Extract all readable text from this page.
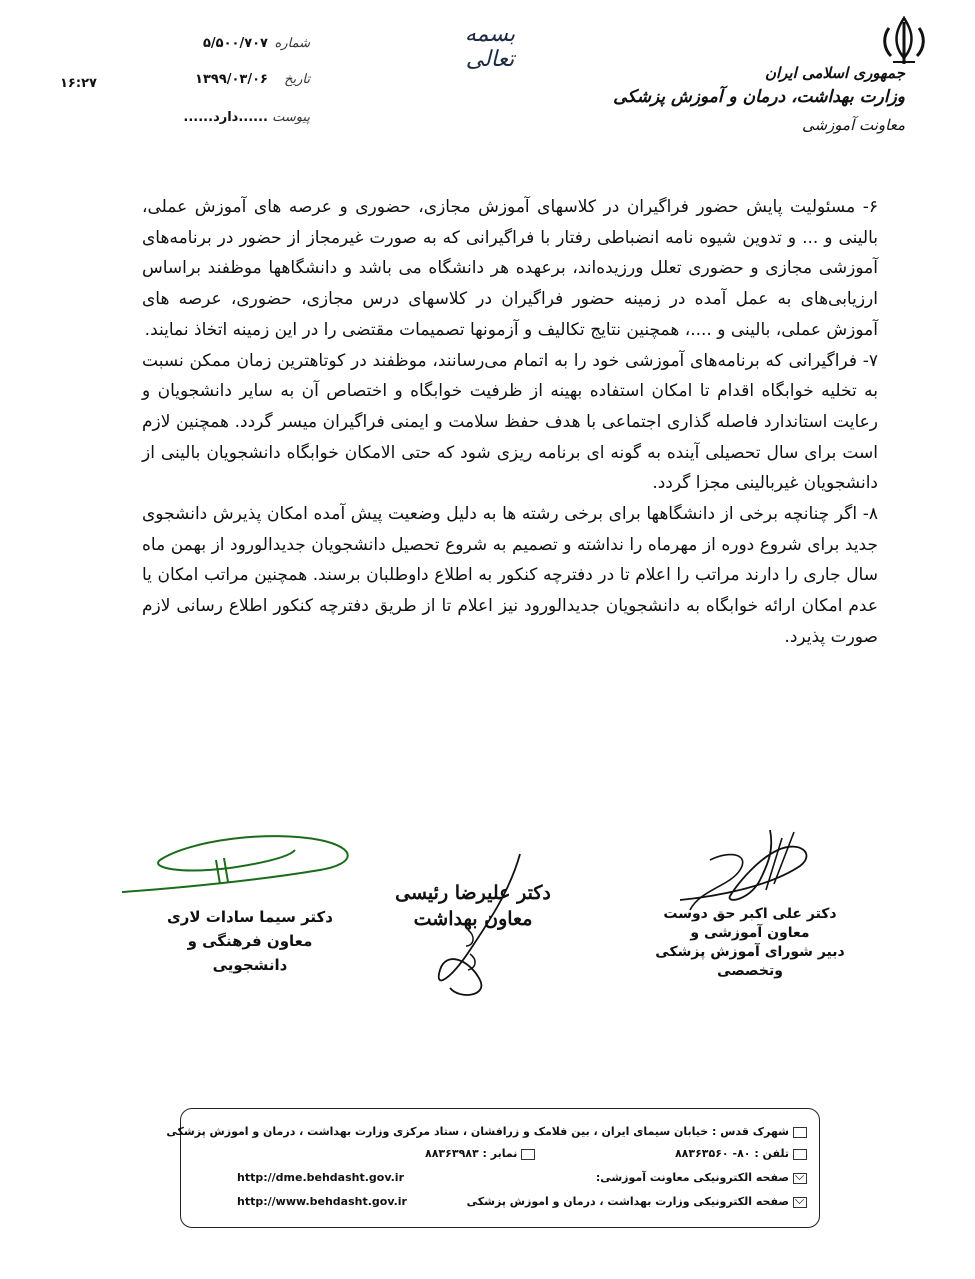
۱۶:۲۷
بسمه تعالی
شماره
۵/۵۰۰/۷۰۷
تاریخ
۱۳۹۹/۰۳/۰۶
پیوست
......دارد......
جمهوری اسلامی ایران
وزارت بهداشت، درمان و آموزش پزشکی
معاونت آموزشی

۶- مسئولیت پایش حضور فراگیران در کلاسهای آموزش مجازی، حضوری و عرصه های آموزش عملی، بالینی و ... و تدوین شیوه نامه انضباطی رفتار با فراگیرانی که به صورت غیرمجاز از حضور در برنامه‌های آموزشی مجازی و حضوری تعلل ورزیده‌اند، برعهده هر دانشگاه می باشد و دانشگاهها موظفند براساس ارزیابی‌های به عمل آمده در زمینه حضور فراگیران در کلاسهای درس مجازی، حضوری، عرصه های آموزش عملی، بالینی و ....، همچنین نتایج تکالیف و آزمونها تصمیمات مقتضی را در این زمینه اتخاذ نمایند.

۷- فراگیرانی که برنامه‌های آموزشی خود را به اتمام می‌رسانند، موظفند در کوتاهترین زمان ممکن نسبت به تخلیه خوابگاه اقدام تا امکان استفاده بهینه از ظرفیت خوابگاه و اختصاص آن به سایر دانشجویان و رعایت استاندارد فاصله گذاری اجتماعی با هدف حفظ سلامت و ایمنی فراگیران میسر گردد. همچنین لازم است برای سال تحصیلی آینده به گونه ای برنامه ریزی شود که حتی الامکان خوابگاه دانشجویان بالینی از دانشجویان غیربالینی مجزا گردد.

۸- اگر چنانچه برخی از دانشگاهها برای برخی رشته ها به دلیل وضعیت پیش آمده امکان پذیرش دانشجوی جدید برای شروع دوره از مهرماه را نداشته و تصمیم به شروع تحصیل دانشجویان جدیدالورود از بهمن ماه سال جاری را دارند مراتب را اعلام تا در دفترچه کنکور به اطلاع داوطلبان برسند. همچنین مراتب امکان یا عدم امکان ارائه خوابگاه به دانشجویان جدیدالورود نیز اعلام تا از طریق دفترچه کنکور اطلاع رسانی لازم صورت پذیرد.

دکتر علی اکبر حق دوست
معاون آموزشی و
دبیر شورای آموزش پزشکی وتخصصی
دکتر علیرضا رئیسی
معاون بهداشت
دکتر سیما سادات لاری
معاون فرهنگی و دانشجویی
شهرک قدس : خیابان سیمای ایران ، بین فلامک و زرافشان ، ستاد مرکزی وزارت بهداشت ، درمان و اموزش پزشکی
تلفن : ۸۰- ۸۸۳۶۳۵۶۰
نمابر : ۸۸۳۶۳۹۸۳
صفحه الکترونیکی معاونت آموزشی:
http://dme.behdasht.gov.ir
صفحه الکترونیکی وزارت بهداشت ، درمان و اموزش پزشکی
http://www.behdasht.gov.ir
